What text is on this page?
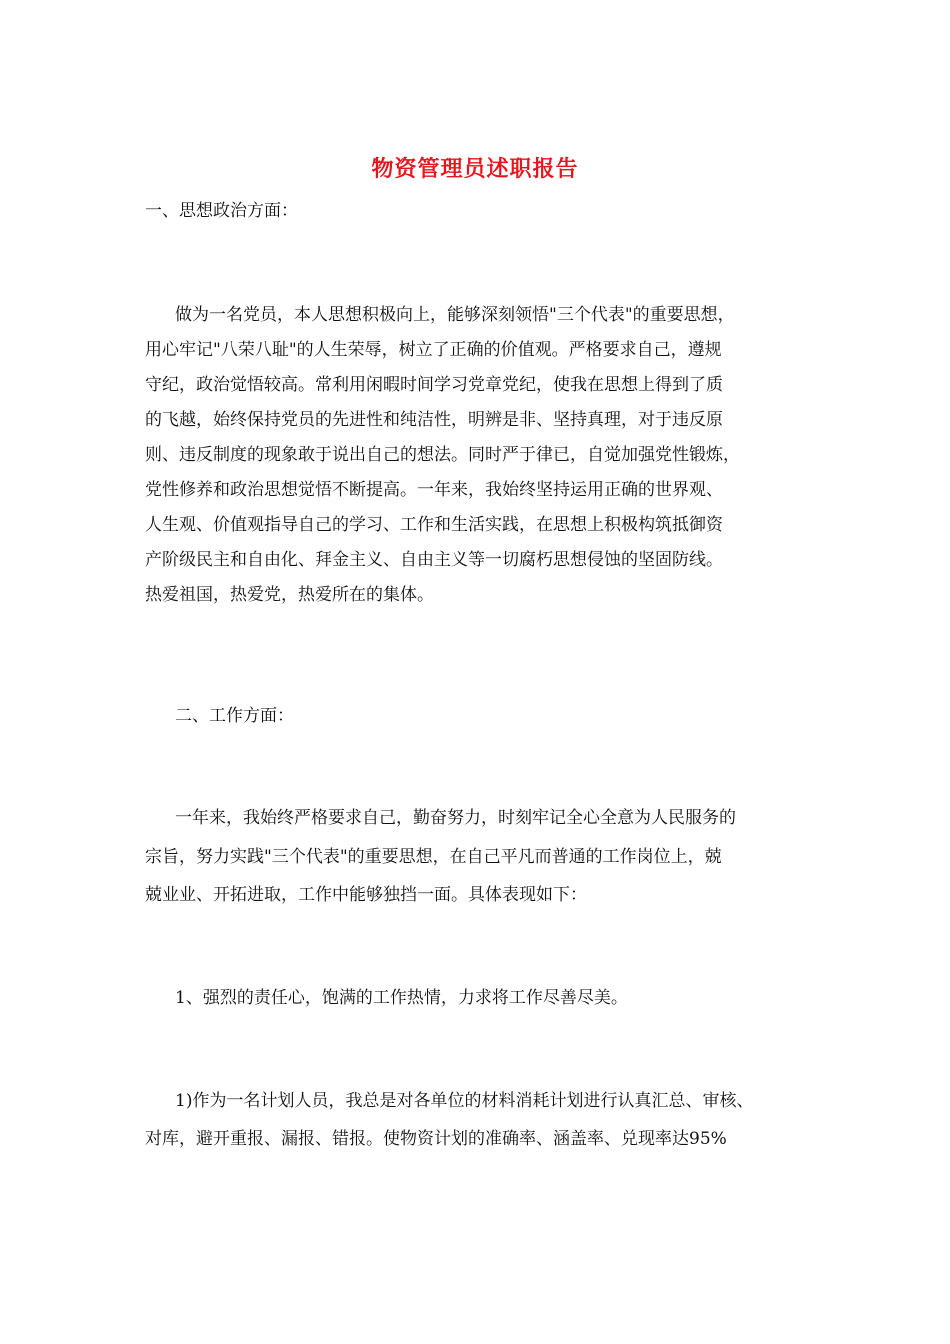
物资管理员述职报告
一、思想政治方面：
做为一名党员，本人思想积极向上，能够深刻领悟"三个代表"的重要思想，
用心牢记"八荣八耻"的人生荣辱，树立了正确的价值观。严格要求自己，遵规
守纪，政治觉悟较高。常利用闲暇时间学习党章党纪，使我在思想上得到了质
的飞越，始终保持党员的先进性和纯洁性，明辨是非、坚持真理，对于违反原
则、违反制度的现象敢于说出自己的想法。同时严于律已，自觉加强党性锻炼，
党性修养和政治思想觉悟不断提高。一年来，我始终坚持运用正确的世界观、
人生观、价值观指导自己的学习、工作和生活实践，在思想上积极构筑抵御资
产阶级民主和自由化、拜金主义、自由主义等一切腐朽思想侵蚀的坚固防线。
热爱祖国，热爱党，热爱所在的集体。
二、工作方面：
一年来，我始终严格要求自己，勤奋努力，时刻牢记全心全意为人民服务的
宗旨，努力实践"三个代表"的重要思想，在自己平凡而普通的工作岗位上，兢
兢业业、开拓进取，工作中能够独挡一面。具体表现如下：
1、强烈的责任心，饱满的工作热情，力求将工作尽善尽美。
1)作为一名计划人员，我总是对各单位的材料消耗计划进行认真汇总、审核、
对库，避开重报、漏报、错报。使物资计划的准确率、涵盖率、兑现率达95%
